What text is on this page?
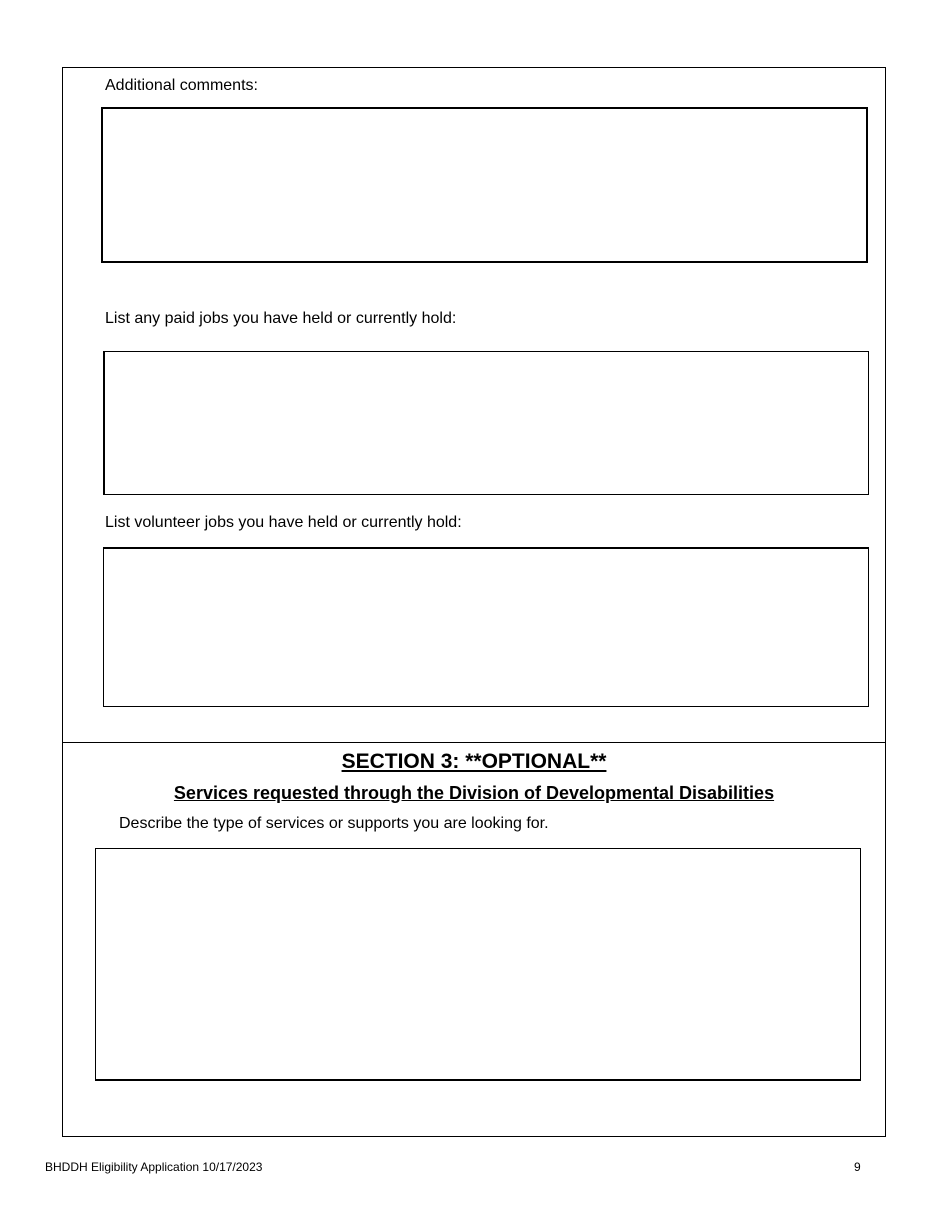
Additional comments:
List any paid jobs you have held or currently hold:
List volunteer jobs you have held or currently hold:
SECTION 3: **OPTIONAL**
Services requested through the Division of Developmental Disabilities
Describe the type of services or supports you are looking for.
BHDDH Eligibility Application 10/17/2023	9
